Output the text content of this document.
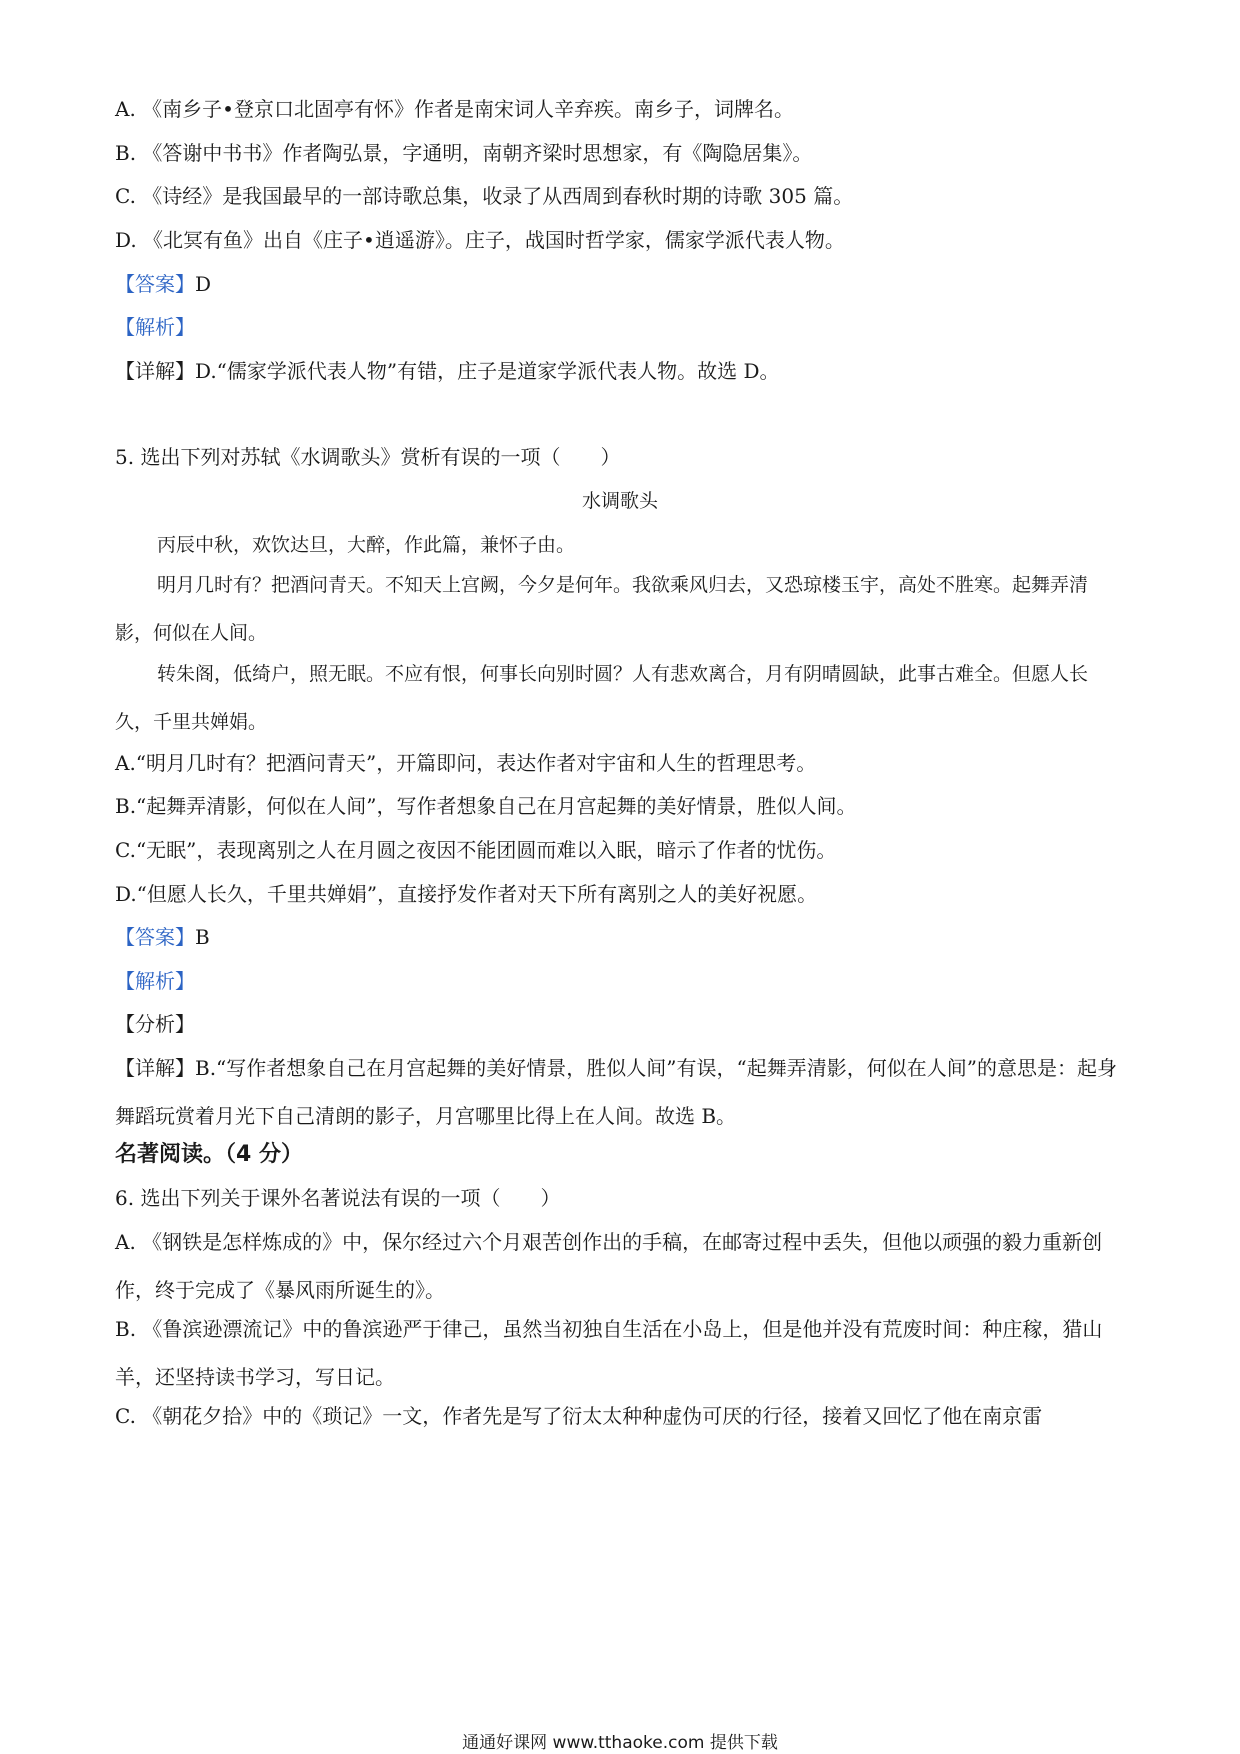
A. 《南乡子•登京口北固亭有怀》作者是南宋词人辛弃疾。南乡子，词牌名。
B. 《答谢中书书》作者陶弘景，字通明，南朝齐梁时思想家，有《陶隐居集》。
C. 《诗经》是我国最早的一部诗歌总集，收录了从西周到春秋时期的诗歌 305 篇。
D. 《北冥有鱼》出自《庄子•逍遥游》。庄子，战国时哲学家，儒家学派代表人物。
【答案】D
【解析】
【详解】D.“儒家学派代表人物”有错，庄子是道家学派代表人物。故选 D。
5. 选出下列对苏轼《水调歌头》赏析有误的一项（　　）
水调歌头
丙辰中秋，欢饮达旦，大醉，作此篇，兼怀子由。
明月几时有？把酒问青天。不知天上宫阙，今夕是何年。我欲乘风归去，又恐琼楼玉宇，高处不胜寒。起舞弄清影，何似在人间。
转朱阁，低绮户，照无眠。不应有恨，何事长向别时圆？人有悲欢离合，月有阴晴圆缺，此事古难全。但愿人长久，千里共婵娟。
A.“明月几时有？把酒问青天”，开篇即问，表达作者对宇宙和人生的哲理思考。
B.“起舞弄清影，何似在人间”，写作者想象自己在月宫起舞的美好情景，胜似人间。
C.“无眠”，表现离别之人在月圆之夜因不能团圆而难以入眠，暗示了作者的忧伤。
D.“但愿人长久，千里共婵娟”，直接抒发作者对天下所有离别之人的美好祝愿。
【答案】B
【解析】
【分析】
【详解】B.“写作者想象自己在月宫起舞的美好情景，胜似人间”有误，“起舞弄清影，何似在人间”的意思是：起身舞蹈玩赏着月光下自己清朗的影子，月宫哪里比得上在人间。故选 B。
名著阅读。（4 分）
6. 选出下列关于课外名著说法有误的一项（　　）
A. 《钢铁是怎样炼成的》中，保尔经过六个月艰苦创作出的手稿，在邮寄过程中丢失，但他以顽强的毅力重新创作，终于完成了《暴风雨所诞生的》。
B. 《鲁滨逊漂流记》中的鲁滨逊严于律己，虽然当初独自生活在小岛上，但是他并没有荒废时间：种庄稼，猎山羊，还坚持读书学习，写日记。
C. 《朝花夕拾》中的《琐记》一文，作者先是写了衍太太种种虚伪可厌的行径，接着又回忆了他在南京雷
通通好课网 www.tthaoke.com 提供下载
